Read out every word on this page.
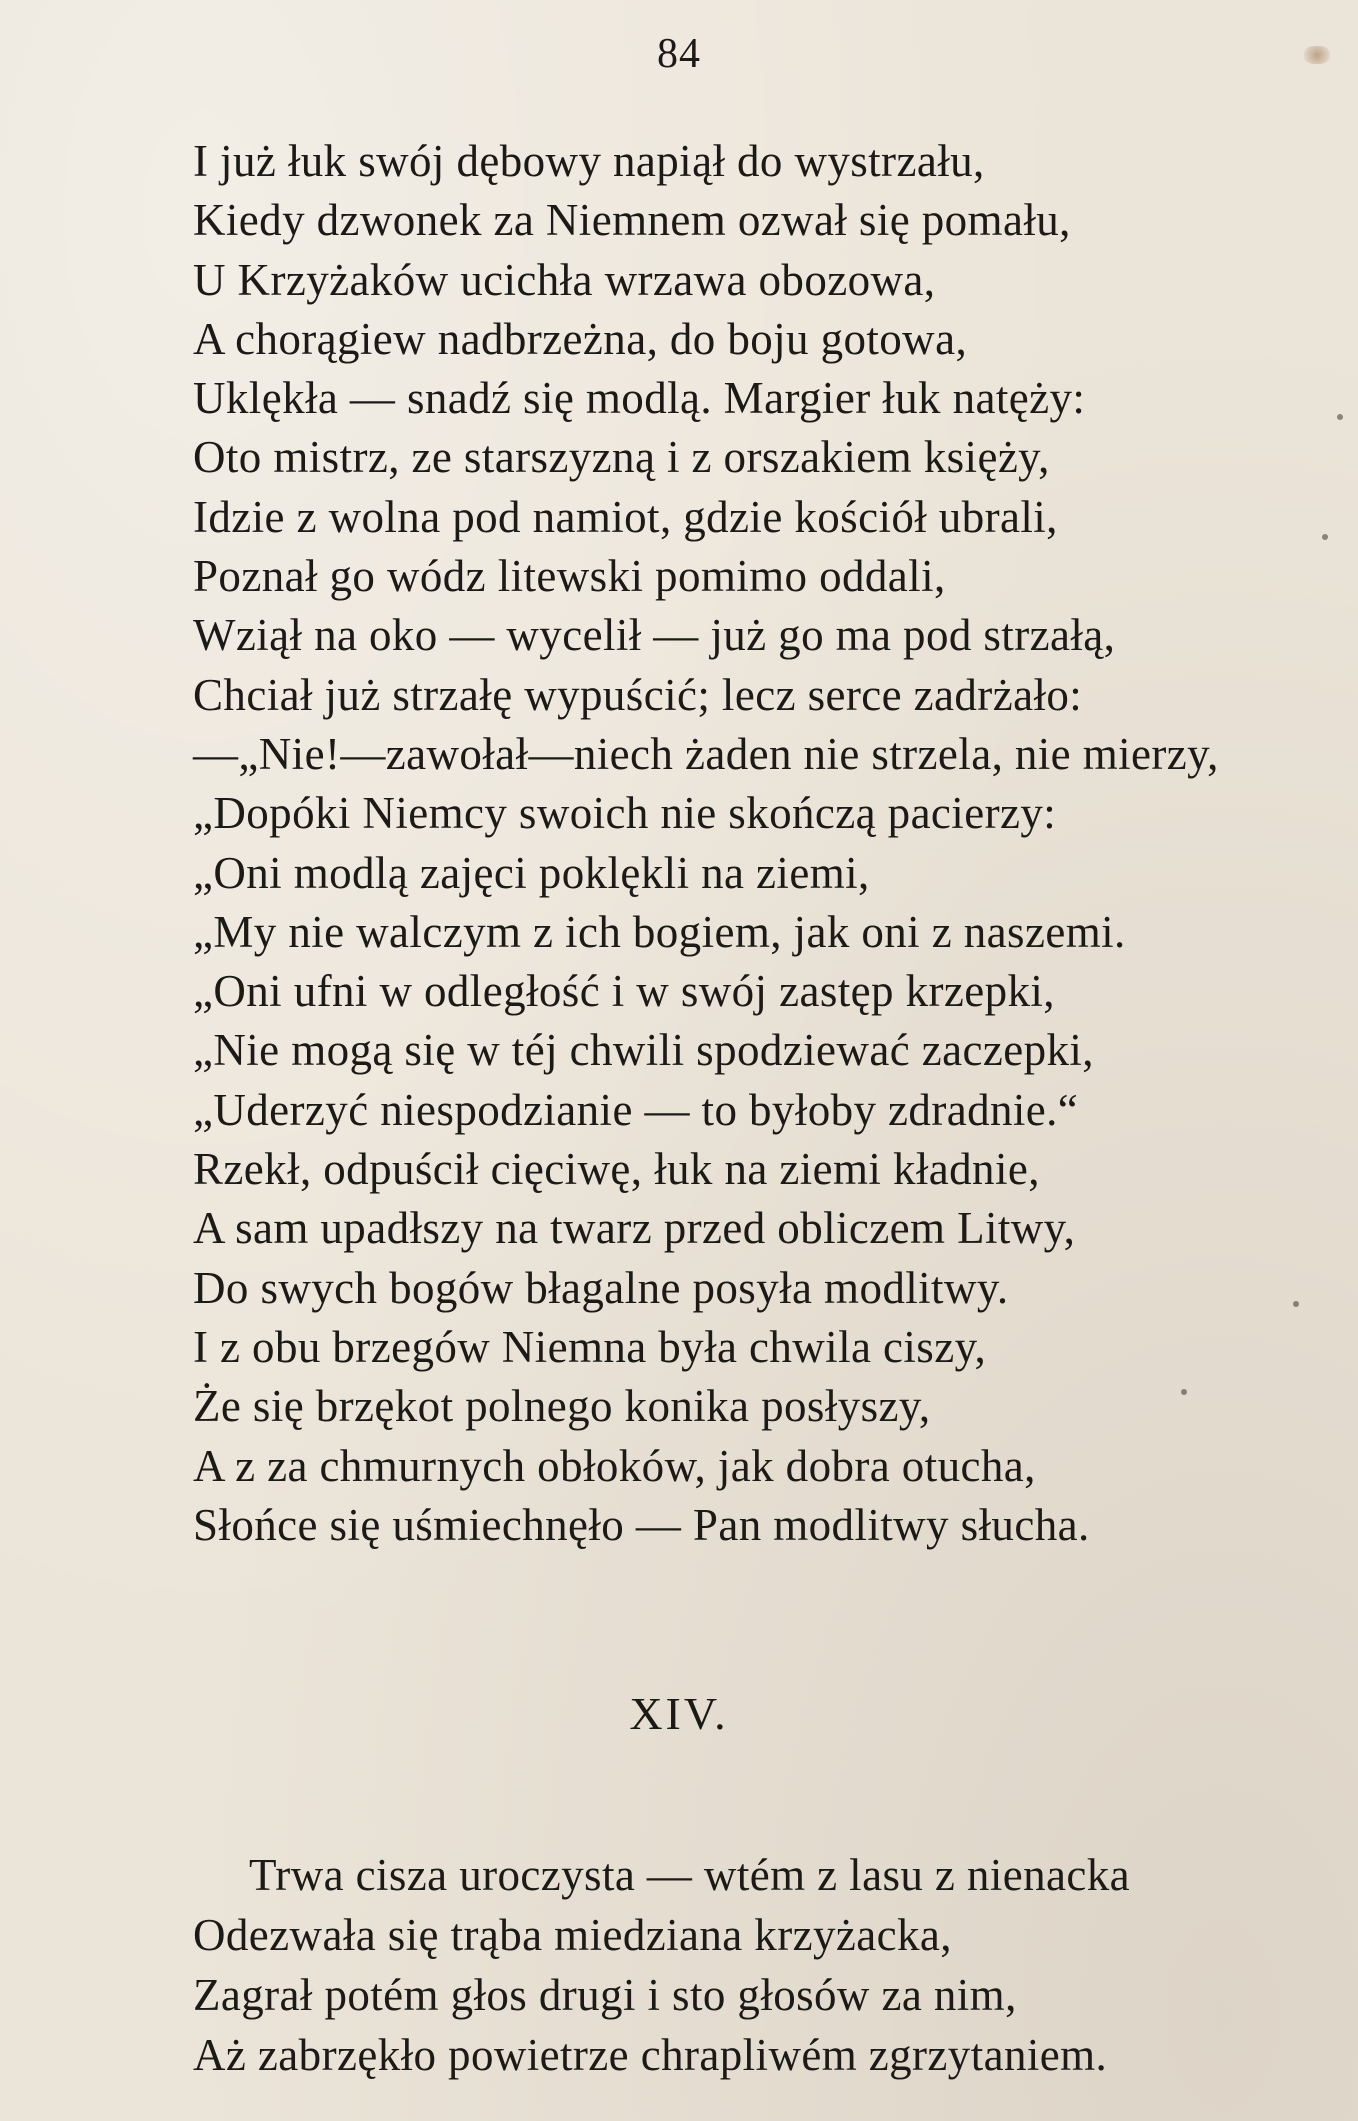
84
I już łuk swój dębowy napiął do wystrzału,
Kiedy dzwonek za Niemnem ozwał się pomału,
U Krzyżaków ucichła wrzawa obozowa,
A chorągiew nadbrzeżna, do boju gotowa,
Uklękła — snadź się modlą. Margier łuk natęży:
Oto mistrz, ze starszyzną i z orszakiem księży,
Idzie z wolna pod namiot, gdzie kościół ubrali,
Poznał go wódz litewski pomimo oddali,
Wziął na oko — wycelił — już go ma pod strzałą,
Chciał już strzałę wypuścić; lecz serce zadrżało:
—„Nie!—zawołał—niech żaden nie strzela, nie mierzy,
„Dopóki Niemcy swoich nie skończą pacierzy:
„Oni modlą zajęci poklękli na ziemi,
„My nie walczym z ich bogiem, jak oni z naszemi.
„Oni ufni w odległość i w swój zastęp krzepki,
„Nie mogą się w téj chwili spodziewać zaczepki,
„Uderzyć niespodzianie — to byłoby zdradnie.“
Rzekł, odpuścił cięciwę, łuk na ziemi kładnie,
A sam upadłszy na twarz przed obliczem Litwy,
Do swych bogów błagalne posyła modlitwy.
I z obu brzegów Niemna była chwila ciszy,
Że się brzękot polnego konika posłyszy,
A z za chmurnych obłoków, jak dobra otucha,
Słońce się uśmiechnęło — Pan modlitwy słucha.
XIV.
Trwa cisza uroczysta — wtém z lasu z nienacka
Odezwała się trąba miedziana krzyżacka,
Zagrał potém głos drugi i sto głosów za nim,
Aż zabrzękło powietrze chrapliwém zgrzytaniem.
